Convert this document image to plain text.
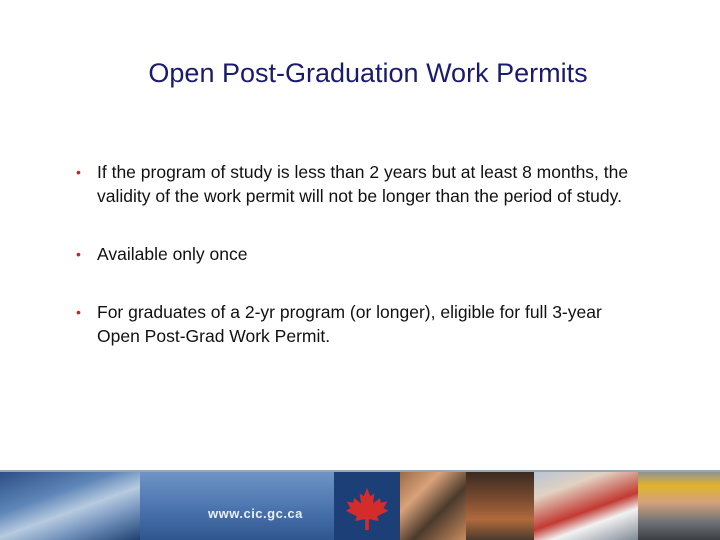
Open Post-Graduation Work Permits
• If the program of study is less than 2 years but at least 8 months, the validity of the work permit will not be longer than the period of study.
• Available only once
• For graduates of a 2-yr program (or longer), eligible for full 3-year Open Post-Grad Work Permit.
www.cic.gc.ca
